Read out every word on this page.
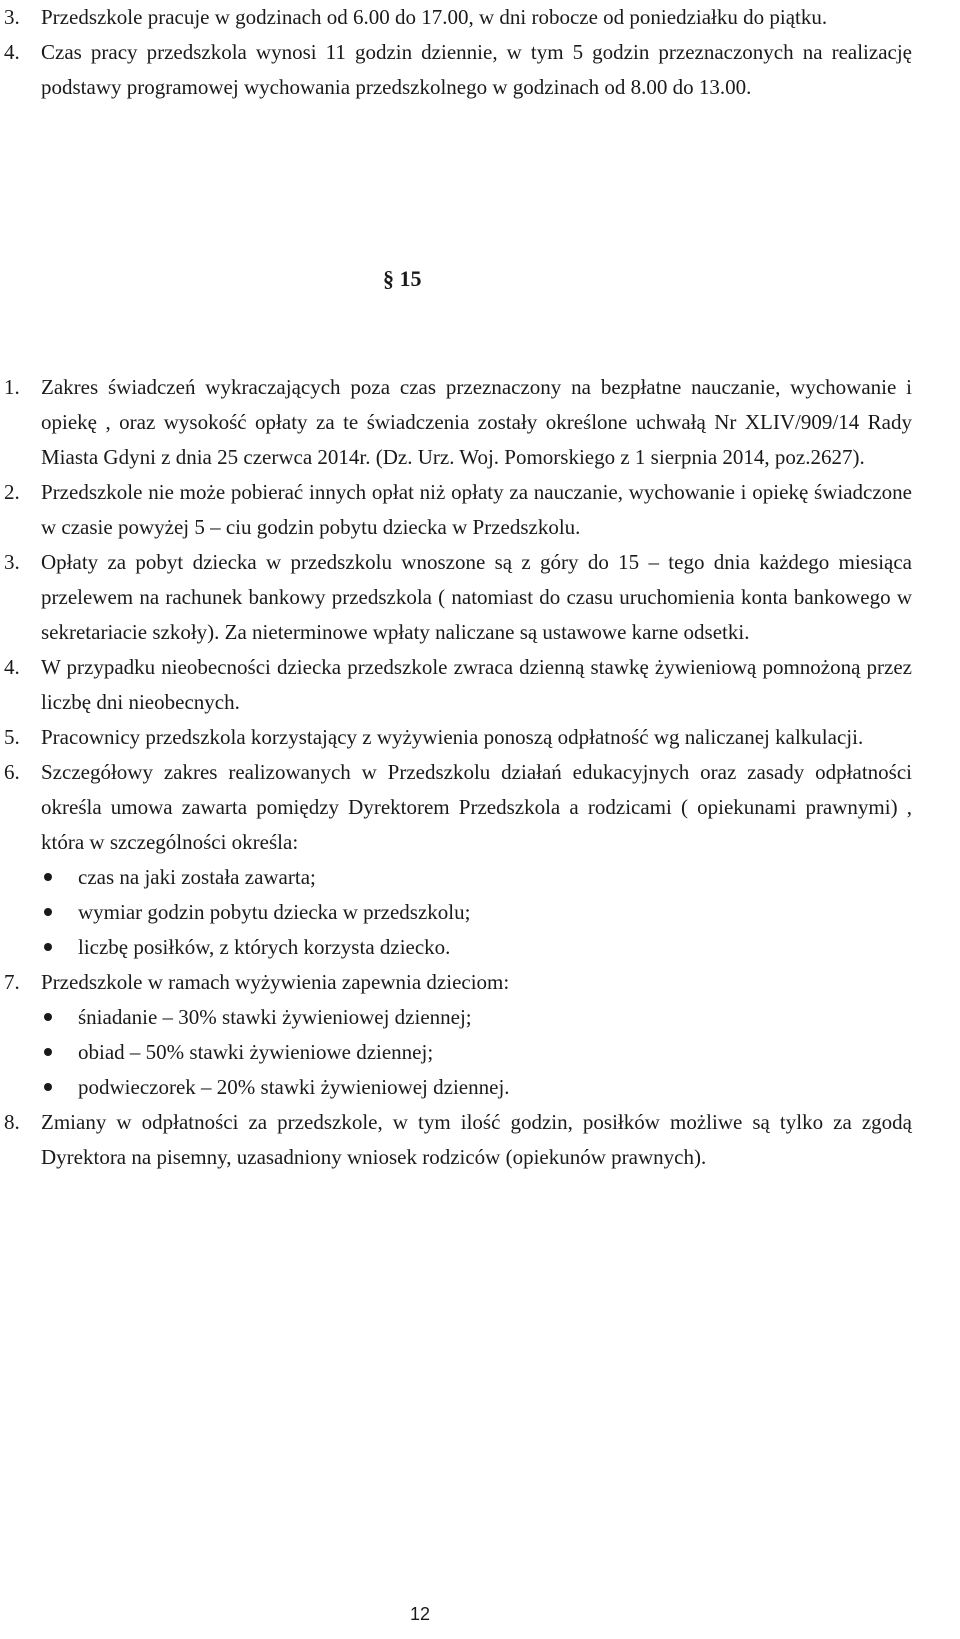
3. Przedszkole pracuje w godzinach od 6.00 do 17.00, w dni robocze od poniedziałku do piątku.

4. Czas pracy przedszkola wynosi 11 godzin dziennie, w tym 5 godzin przeznaczonych na realizację podstawy programowej wychowania przedszkolnego w godzinach od 8.00 do 13.00.

§ 15
1. Zakres świadczeń wykraczających poza czas przeznaczony na bezpłatne nauczanie, wychowanie i opiekę , oraz wysokość opłaty za te świadczenia zostały określone uchwałą Nr XLIV/909/14 Rady Miasta Gdyni z dnia 25 czerwca 2014r. (Dz. Urz. Woj. Pomorskiego z 1 sierpnia 2014, poz.2627).

2. Przedszkole nie może pobierać innych opłat niż opłaty za nauczanie, wychowanie i opiekę świadczone w czasie powyżej 5 – ciu godzin pobytu dziecka w Przedszkolu.

3. Opłaty za pobyt dziecka w przedszkolu wnoszone są z góry do 15 – tego dnia każdego miesiąca przelewem na rachunek bankowy przedszkola ( natomiast do czasu uruchomienia konta bankowego w sekretariacie szkoły). Za nieterminowe wpłaty naliczane są ustawowe karne odsetki.

4. W przypadku nieobecności dziecka przedszkole zwraca dzienną stawkę żywieniową pomnożoną przez liczbę dni nieobecnych.

5. Pracownicy przedszkola korzystający z wyżywienia ponoszą odpłatność wg naliczanej kalkulacji.

6. Szczegółowy zakres realizowanych w Przedszkolu działań edukacyjnych oraz zasady odpłatności określa umowa zawarta pomiędzy Dyrektorem Przedszkola a rodzicami ( opiekunami prawnymi) , która w szczególności określa:

czas na jaki została zawarta;
wymiar godzin pobytu dziecka w przedszkolu;
liczbę posiłków, z których korzysta dziecko.
7. Przedszkole w ramach wyżywienia zapewnia dzieciom:

śniadanie – 30% stawki żywieniowej dziennej;
obiad – 50% stawki żywieniowe dziennej;
podwieczorek – 20% stawki żywieniowej dziennej.
8. Zmiany w odpłatności za przedszkole, w tym ilość godzin, posiłków możliwe są tylko za zgodą Dyrektora na pisemny, uzasadniony wniosek rodziców (opiekunów prawnych).

12
